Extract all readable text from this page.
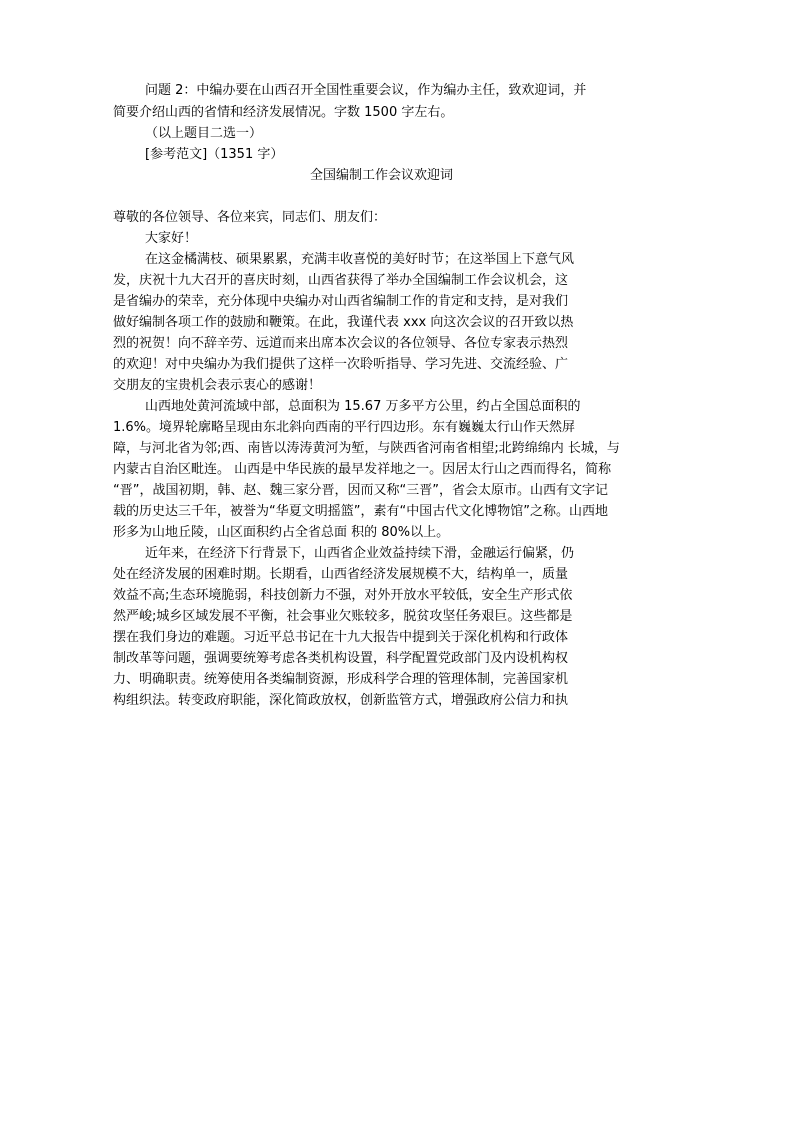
问题 2：中编办要在山西召开全国性重要会议，作为编办主任，致欢迎词，并
简要介绍山西的省情和经济发展情况。字数 1500 字左右。
（以上题目二选一）
[参考范文]（1351 字）
全国编制工作会议欢迎词
尊敬的各位领导、各位来宾，同志们、朋友们：
大家好！
在这金橘满枝、硕果累累，充满丰收喜悦的美好时节；在这举国上下意气风
发，庆祝十九大召开的喜庆时刻，山西省获得了举办全国编制工作会议机会，这
是省编办的荣幸，充分体现中央编办对山西省编制工作的肯定和支持，是对我们
做好编制各项工作的鼓励和鞭策。在此，我谨代表 xxx 向这次会议的召开致以热
烈的祝贺！向不辞辛劳、远道而来出席本次会议的各位领导、各位专家表示热烈
的欢迎！对中央编办为我们提供了这样一次聆听指导、学习先进、交流经验、广
交朋友的宝贵机会表示衷心的感谢！
山西地处黄河流域中部，总面积为 15.67 万多平方公里，约占全国总面积的
1.6%。境界轮廓略呈现由东北斜向西南的平行四边形。东有巍巍太行山作天然屏
障，与河北省为邻;西、南皆以涛涛黄河为堑，与陕西省河南省相望;北跨绵绵内 长城，与
内蒙古自治区毗连。 山西是中华民族的最早发祥地之一。因居太行山之西而得名，简称
“晋”，战国初期，韩、赵、魏三家分晋，因而又称“三晋”，省会太原市。山西有文字记
载的历史达三千年，被誉为“华夏文明摇篮”，素有“中国古代文化博物馆”之称。山西地
形多为山地丘陵，山区面积约占全省总面 积的 80%以上。
近年来，在经济下行背景下，山西省企业效益持续下滑，金融运行偏紧，仍
处在经济发展的困难时期。长期看，山西省经济发展规模不大，结构单一，质量
效益不高;生态环境脆弱，科技创新力不强，对外开放水平较低，安全生产形式依
然严峻;城乡区域发展不平衡，社会事业欠账较多，脱贫攻坚任务艰巨。这些都是
摆在我们身边的难题。习近平总书记在十九大报告中提到关于深化机构和行政体
制改革等问题，强调要统筹考虑各类机构设置，科学配置党政部门及内设机构权
力、明确职责。统筹使用各类编制资源，形成科学合理的管理体制，完善国家机
构组织法。转变政府职能，深化简政放权，创新监管方式，增强政府公信力和执
